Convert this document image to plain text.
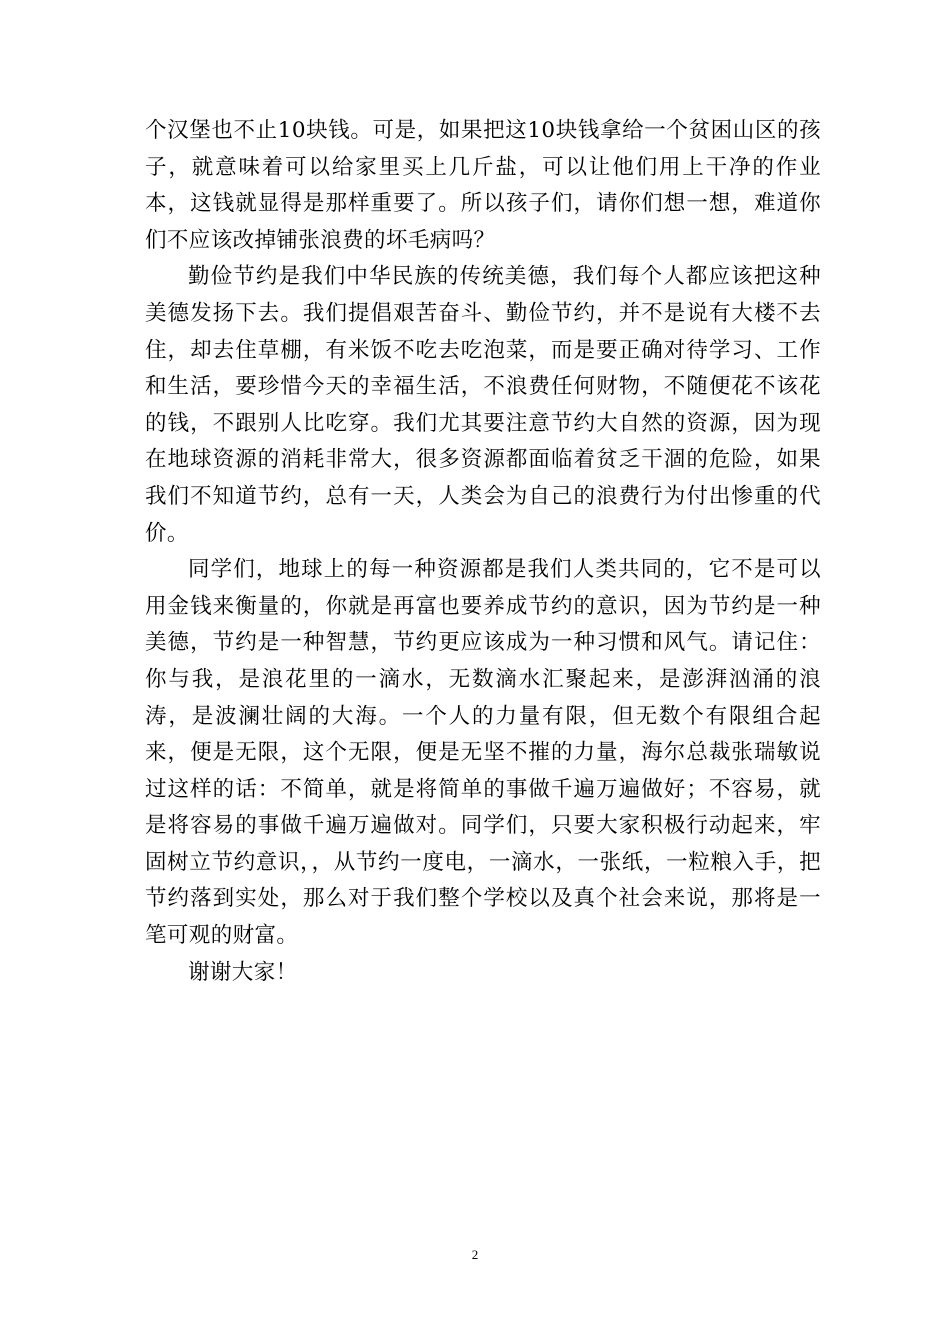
个汉堡也不止10块钱。可是，如果把这10块钱拿给一个贫困山区的孩子，就意味着可以给家里买上几斤盐，可以让他们用上干净的作业本，这钱就显得是那样重要了。所以孩子们，请你们想一想，难道你们不应该改掉铺张浪费的坏毛病吗？

勤俭节约是我们中华民族的传统美德，我们每个人都应该把这种美德发扬下去。我们提倡艰苦奋斗、勤俭节约，并不是说有大楼不去住，却去住草棚，有米饭不吃去吃泡菜，而是要正确对待学习、工作和生活，要珍惜今天的幸福生活，不浪费任何财物，不随便花不该花的钱，不跟别人比吃穿。我们尤其要注意节约大自然的资源，因为现在地球资源的消耗非常大，很多资源都面临着贫乏干涸的危险，如果我们不知道节约，总有一天，人类会为自己的浪费行为付出惨重的代价。

同学们，地球上的每一种资源都是我们人类共同的，它不是可以用金钱来衡量的，你就是再富也要养成节约的意识，因为节约是一种美德，节约是一种智慧，节约更应该成为一种习惯和风气。请记住：你与我，是浪花里的一滴水，无数滴水汇聚起来，是澎湃汹涌的浪涛，是波澜壮阔的大海。一个人的力量有限，但无数个有限组合起来，便是无限，这个无限，便是无坚不摧的力量，海尔总裁张瑞敏说过这样的话：不简单，就是将简单的事做千遍万遍做好；不容易，就是将容易的事做千遍万遍做对。同学们，只要大家积极行动起来，牢固树立节约意识，，从节约一度电，一滴水，一张纸，一粒粮入手，把节约落到实处，那么对于我们整个学校以及真个社会来说，那将是一笔可观的财富。

谢谢大家！

2
